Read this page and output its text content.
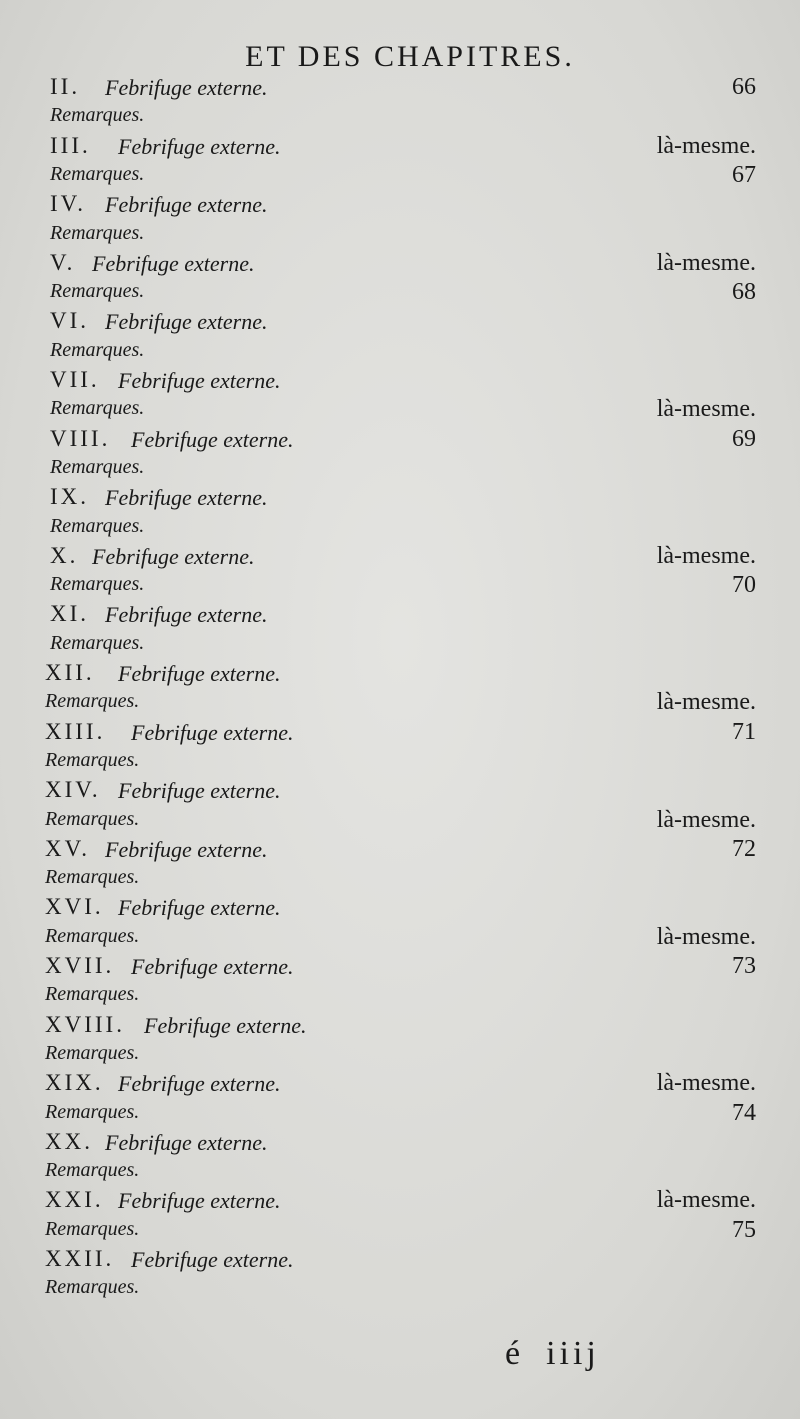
ET DES CHAPITRES.
II. Febrifuge externe.	66
Remarques.
III. Febrifuge externe.	là-mesme.
Remarques.	67
IV. Febrifuge externe.
Remarques.
V. Febrifuge externe.	là-mesme.
Remarques.	68
VI. Febrifuge externe.
Remarques.
VII. Febrifuge externe.
Remarques.	là-mesme.
VIII. Febrifuge externe.	69
Remarques.
IX. Febrifuge externe.
Remarques.
X. Febrifuge externe.	là-mesme.
Remarques.	70
XI. Febrifuge externe.
Remarques.
XII. Febrifuge externe.
Remarques.	là-mesme.
XIII. Febrifuge externe.	71
Remarques.
XIV. Febrifuge externe.
Remarques.	là-mesme.
XV. Febrifuge externe.	72
Remarques.
XVI. Febrifuge externe.
Remarques.	là-mesme.
XVII. Febrifuge externe.	73
Remarques.
XVIII. Febrifuge externe.
Remarques.
XIX. Febrifuge externe.	là-mesme.
Remarques.	74
XX. Febrifuge externe.
Remarques.
XXI. Febrifuge externe.	là-mesme.
Remarques.	75
XXII. Febrifuge externe.
Remarques.
é iiij
